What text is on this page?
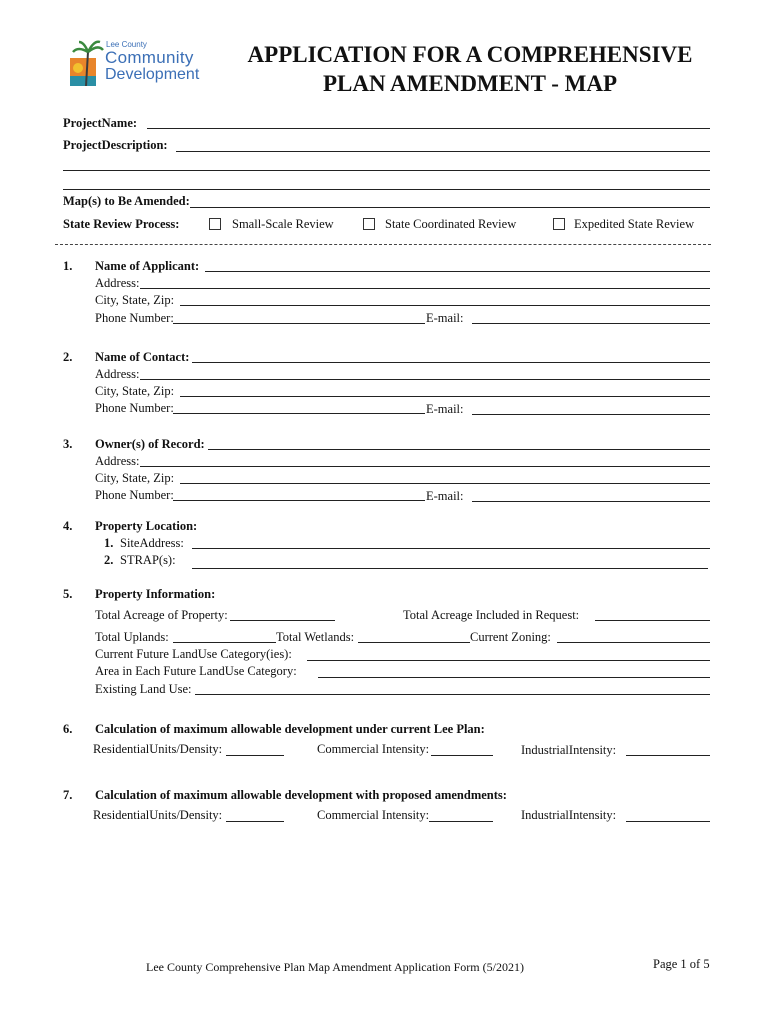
Lee County
Community
Development
APPLICATION FOR A COMPREHENSIVE
PLAN AMENDMENT - MAP
ProjectName:
ProjectDescription:
Map(s) to Be Amended:
State Review Process:	Small-Scale Review	State Coordinated Review	Expedited State Review
1. Name of Applicant:
Address:
City, State, Zip:
Phone Number:	E-mail:
2. Name of Contact:
Address:
City, State, Zip:
Phone Number:	E-mail:
3. Owner(s) of Record:
Address:
City, State, Zip:
Phone Number:	E-mail:
4. Property Location:
1. SiteAddress:
2. STRAP(s):
5. Property Information:
Total Acreage of Property:	Total Acreage Included in Request:
Total Uplands:	Total Wetlands:	Current Zoning:
Current Future LandUse Category(ies):
Area in Each Future LandUse Category:
Existing Land Use:
6. Calculation of maximum allowable development under current Lee Plan:
ResidentialUnits/Density:	Commercial Intensity:	IndustrialIntensity:
7. Calculation of maximum allowable development with proposed amendments:
ResidentialUnits/Density:	Commercial Intensity:	IndustrialIntensity:
Lee County Comprehensive Plan Map Amendment Application Form (5/2021)	Page 1 of 5
